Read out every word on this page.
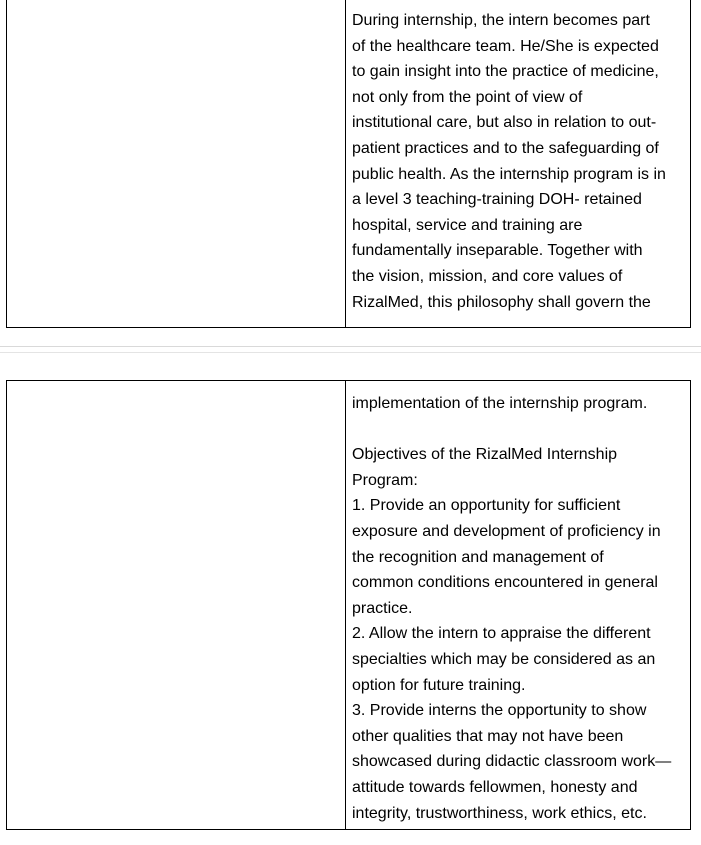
During internship, the intern becomes part
of the healthcare team. He/She is expected
to gain insight into the practice of medicine,
not only from the point of view of
institutional care, but also in relation to out-
patient practices and to the safeguarding of
public health. As the internship program is in
a level 3 teaching-training DOH- retained
hospital, service and training are
fundamentally inseparable. Together with
the vision, mission, and core values of
RizalMed, this philosophy shall govern the

implementation of the internship program.
Objectives of the RizalMed Internship
Program:
1. Provide an opportunity for sufficient
exposure and development of proficiency in
the recognition and management of
common conditions encountered in general
practice.
2. Allow the intern to appraise the different
specialties which may be considered as an
option for future training.
3. Provide interns the opportunity to show
other qualities that may not have been
showcased during didactic classroom work—
attitude towards fellowmen, honesty and
integrity, trustworthiness, work ethics, etc.
